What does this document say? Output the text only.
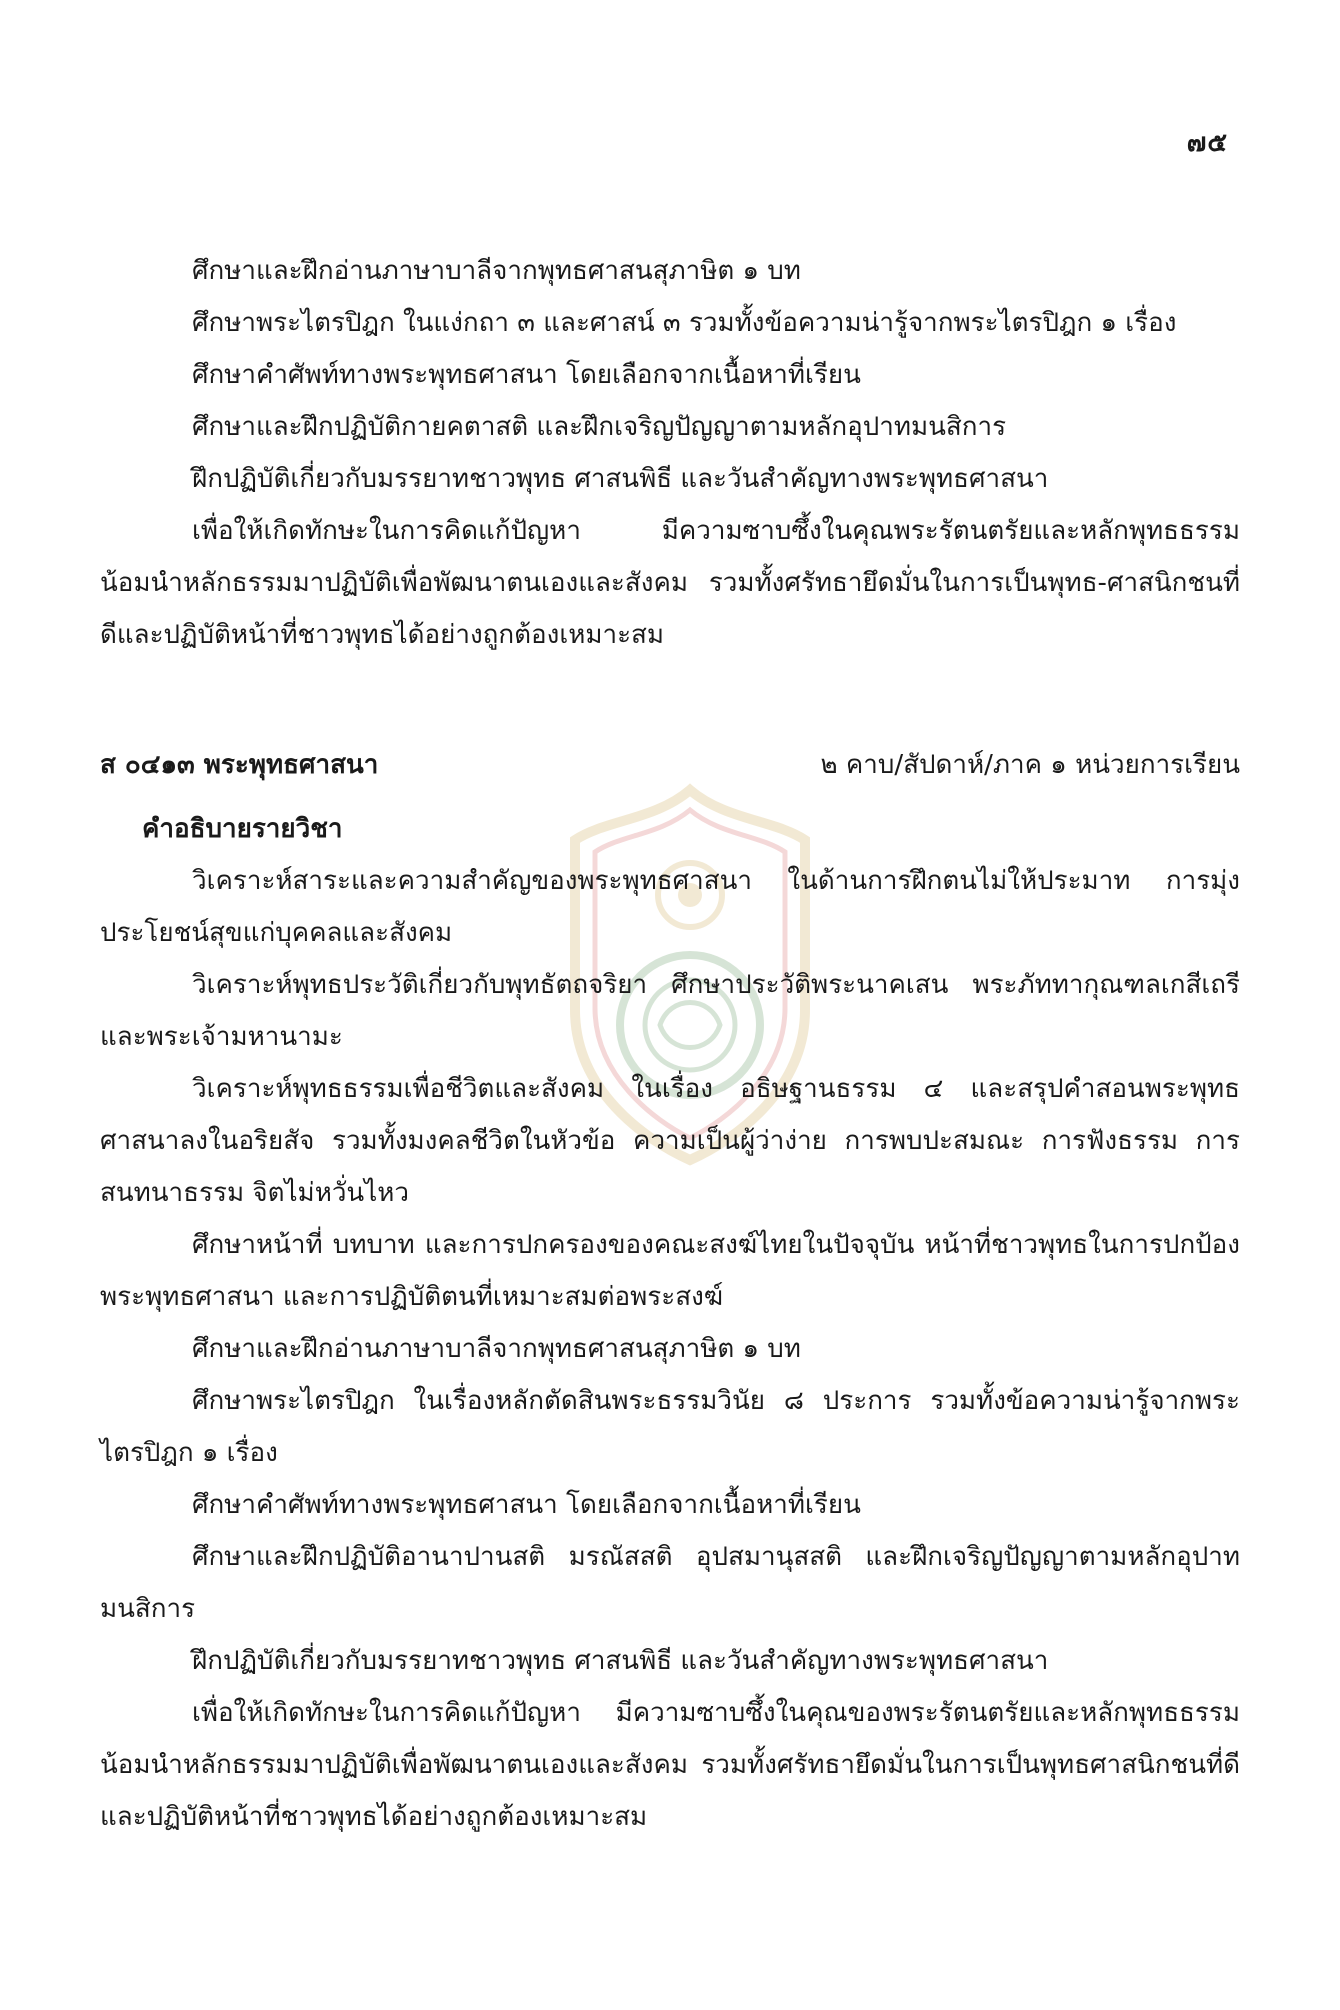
๗๕

ศึกษาและฝึกอ่านภาษาบาลีจากพุทธศาสนสุภาษิต ๑ บท

ศึกษาพระไตรปิฎก ในแง่กถา ๓ และศาสน์ ๓ รวมทั้งข้อความน่ารู้จากพระไตรปิฎก ๑ เรื่อง

ศึกษาคำศัพท์ทางพระพุทธศาสนา โดยเลือกจากเนื้อหาที่เรียน

ศึกษาและฝึกปฏิบัติกายคตาสติ และฝึกเจริญปัญญาตามหลักอุปาทมนสิการ

ฝึกปฏิบัติเกี่ยวกับมรรยาทชาวพุทธ ศาสนพิธี และวันสำคัญทางพระพุทธศาสนา

เพื่อให้เกิดทักษะในการคิดแก้ปัญหา มีความซาบซึ้งในคุณพระรัตนตรัยและหลักพุทธธรรม น้อมนำหลักธรรมมาปฏิบัติเพื่อพัฒนาตนเองและสังคม รวมทั้งศรัทธายึดมั่นในการเป็นพุทธ-ศาสนิกชนที่ดีและปฏิบัติหน้าที่ชาวพุทธได้อย่างถูกต้องเหมาะสม

ส ๐๔๑๓ พระพุทธศาสนา	๒ คาบ/สัปดาห์/ภาค ๑ หน่วยการเรียน
คำอธิบายรายวิชา

วิเคราะห์สาระและความสำคัญของพระพุทธศาสนา ในด้านการฝึกตนไม่ให้ประมาท การมุ่งประโยชน์สุขแก่บุคคลและสังคม

วิเคราะห์พุทธประวัติเกี่ยวกับพุทธัตถจริยา ศึกษาประวัติพระนาคเสน พระภัททากุณฑลเกสีเถรี และพระเจ้ามหานามะ

วิเคราะห์พุทธธรรมเพื่อชีวิตและสังคม ในเรื่อง อธิษฐานธรรม ๔ และสรุปคำสอนพระพุทธศาสนาลงในอริยสัจ รวมทั้งมงคลชีวิตในหัวข้อ ความเป็นผู้ว่าง่าย การพบปะสมณะ การฟังธรรม การสนทนาธรรม จิตไม่หวั่นไหว

ศึกษาหน้าที่ บทบาท และการปกครองของคณะสงฆ์ไทยในปัจจุบัน หน้าที่ชาวพุทธในการปกป้องพระพุทธศาสนา และการปฏิบัติตนที่เหมาะสมต่อพระสงฆ์

ศึกษาและฝึกอ่านภาษาบาลีจากพุทธศาสนสุภาษิต ๑ บท

ศึกษาพระไตรปิฎก ในเรื่องหลักตัดสินพระธรรมวินัย ๘ ประการ รวมทั้งข้อความน่ารู้จากพระไตรปิฎก ๑ เรื่อง

ศึกษาคำศัพท์ทางพระพุทธศาสนา โดยเลือกจากเนื้อหาที่เรียน

ศึกษาและฝึกปฏิบัติอานาปานสติ มรณัสสติ อุปสมานุสสติ และฝึกเจริญปัญญาตามหลักอุปาทมนสิการ

ฝึกปฏิบัติเกี่ยวกับมรรยาทชาวพุทธ ศาสนพิธี และวันสำคัญทางพระพุทธศาสนา

เพื่อให้เกิดทักษะในการคิดแก้ปัญหา มีความซาบซึ้งในคุณของพระรัตนตรัยและหลักพุทธธรรม น้อมนำหลักธรรมมาปฏิบัติเพื่อพัฒนาตนเองและสังคม รวมทั้งศรัทธายึดมั่นในการเป็นพุทธศาสนิกชนที่ดี และปฏิบัติหน้าที่ชาวพุทธได้อย่างถูกต้องเหมาะสม
